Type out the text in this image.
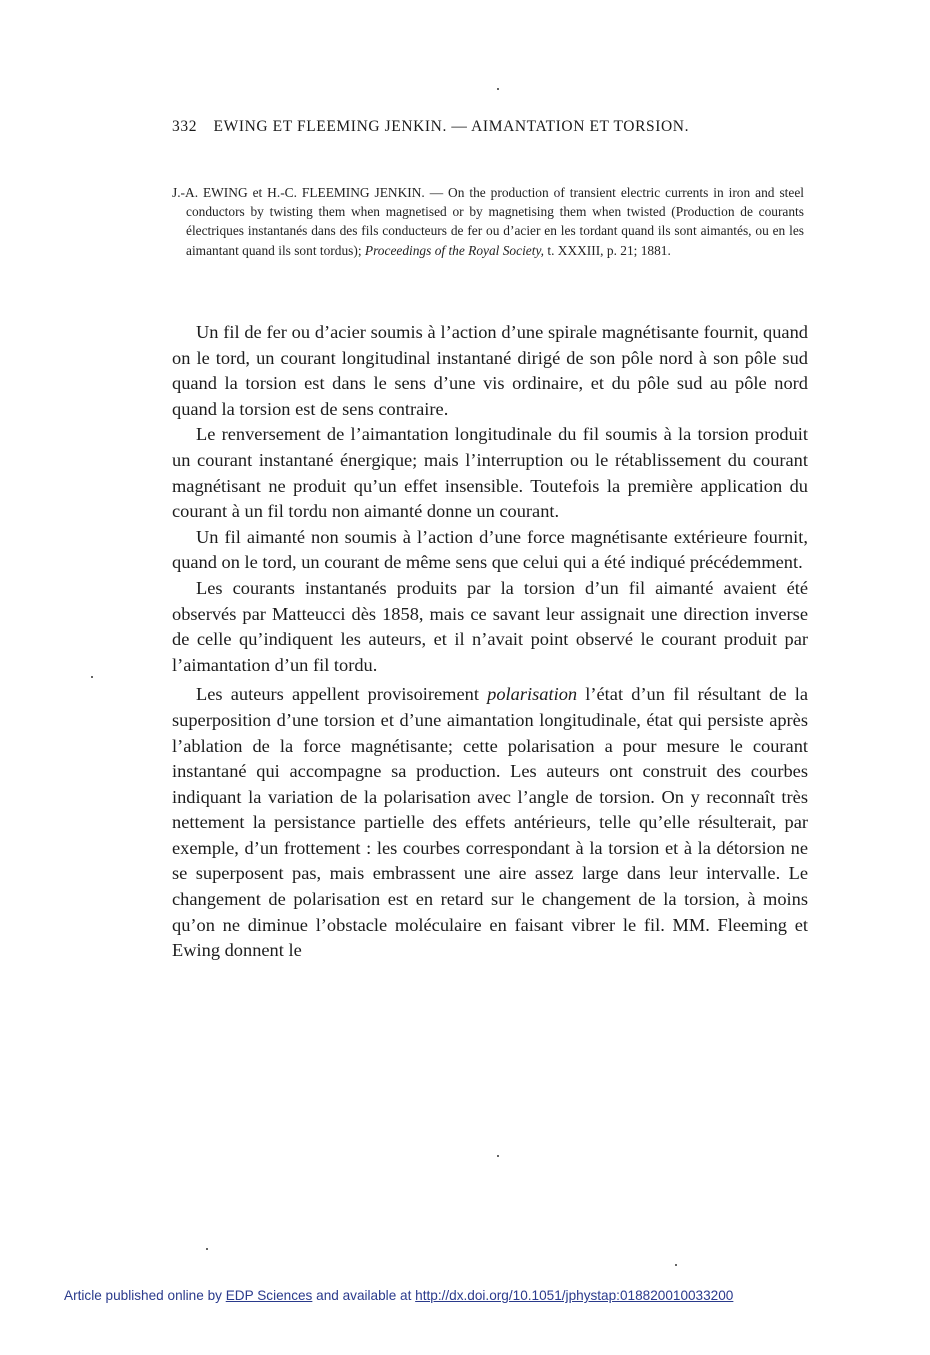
332 EWING ET FLEEMING JENKIN. — AIMANTATION ET TORSION.
J.-A. EWING et H.-C. FLEEMING JENKIN. — On the production of transient electric currents in iron and steel conductors by twisting them when magnetised or by magnetising them when twisted (Production de courants électriques instantanés dans des fils conducteurs de fer ou d’acier en les tordant quand ils sont aimantés, ou en les aimantant quand ils sont tordus); Proceedings of the Royal Society, t. XXXIII, p. 21; 1881.

Un fil de fer ou d’acier soumis à l’action d’une spirale magnétisante fournit, quand on le tord, un courant longitudinal instantané dirigé de son pôle nord à son pôle sud quand la torsion est dans le sens d’une vis ordinaire, et du pôle sud au pôle nord quand la torsion est de sens contraire.

Le renversement de l’aimantation longitudinale du fil soumis à la torsion produit un courant instantané énergique; mais l’interruption ou le rétablissement du courant magnétisant ne produit qu’un effet insensible. Toutefois la première application du courant à un fil tordu non aimanté donne un courant.

Un fil aimanté non soumis à l’action d’une force magnétisante extérieure fournit, quand on le tord, un courant de même sens que celui qui a été indiqué précédemment.

Les courants instantanés produits par la torsion d’un fil aimanté avaient été observés par Matteucci dès 1858, mais ce savant leur assignait une direction inverse de celle qu’indiquent les auteurs, et il n’avait point observé le courant produit par l’aimantation d’un fil tordu.

Les auteurs appellent provisoirement polarisation l’état d’un fil résultant de la superposition d’une torsion et d’une aimantation longitudinale, état qui persiste après l’ablation de la force magnétisante; cette polarisation a pour mesure le courant instantané qui accompagne sa production. Les auteurs ont construit des courbes indiquant la variation de la polarisation avec l’angle de torsion. On y reconnaît très nettement la persistance partielle des effets antérieurs, telle qu’elle résulterait, par exemple, d’un frottement : les courbes correspondant à la torsion et à la détorsion ne se superposent pas, mais embrassent une aire assez large dans leur intervalle. Le changement de polarisation est en retard sur le changement de la torsion, à moins qu’on ne diminue l’obstacle moléculaire en faisant vibrer le fil. MM. Fleeming et Ewing donnent le

Article published online by EDP Sciences and available at http://dx.doi.org/10.1051/jphystap:018820010033200
